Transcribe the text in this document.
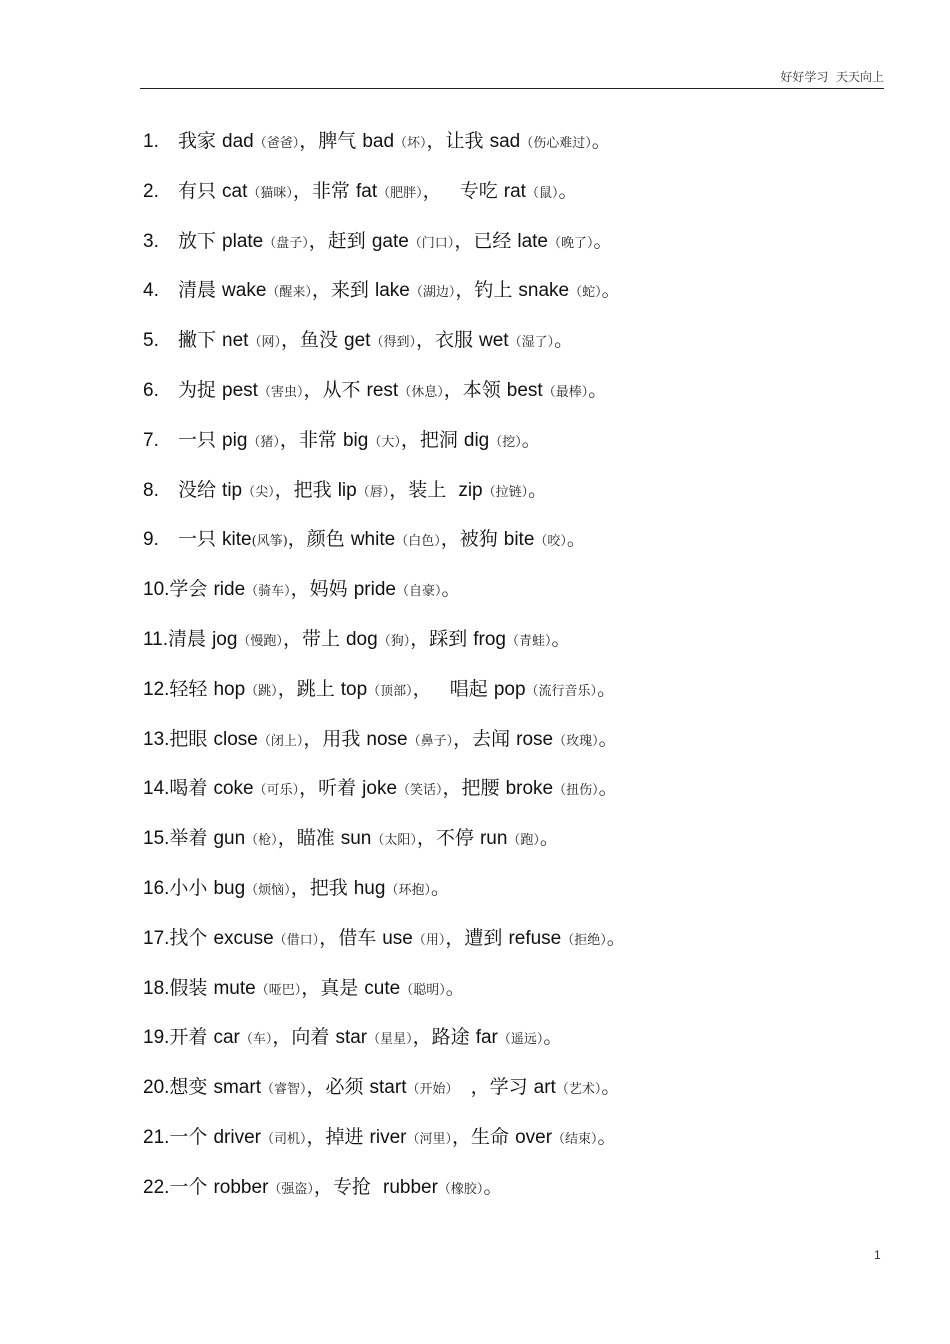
好好学习  天天向上
1. 我家 dad（爸爸），脾气 bad（坏），让我 sad（伤心难过）。
2. 有只 cat（猫咪），非常 fat（肥胖），   专吃 rat（鼠）。
3. 放下 plate（盘子），赶到 gate（门口），已经 late（晚了）。
4. 清晨 wake（醒来），来到 lake（湖边），钓上 snake（蛇）。
5. 撇下 net（网），鱼没 get（得到），衣服 wet（湿了）。
6. 为捉 pest（害虫），从不 rest（休息），本领 best（最棒）。
7. 一只 pig（猪），非常 big（大），把洞 dig（挖）。
8. 没给 tip（尖），把我 lip（唇），装上  zip（拉链）。
9. 一只 kite(风筝)，颜色 white（白色），被狗 bite（咬）。
10.学会 ride（骑车），妈妈 pride（自豪）。
11.清晨 jog（慢跑），带上 dog（狗），踩到 frog（青蛙）。
12.轻轻 hop（跳），跳上 top（顶部），   唱起 pop（流行音乐）。
13.把眼 close（闭上），用我 nose（鼻子），去闻 rose（玫瑰）。
14.喝着 coke（可乐），听着 joke（笑话），把腰 broke（扭伤）。
15.举着 gun（枪），瞄准 sun（太阳），不停 run（跑）。
16.小小 bug（烦恼），把我 hug（环抱）。
17.找个 excuse（借口），借车 use（用），遭到 refuse（拒绝）。
18.假装 mute（哑巴），真是 cute（聪明）。
19.开着 car（车），向着 star（星星），路途 far（遥远）。
20.想变 smart（睿智），必须 start（开始）  ，学习 art（艺术）。
21.一个 driver（司机），掉进 river（河里），生命 over（结束）。
22.一个 robber（强盗），专抢  rubber（橡胶）。
1
